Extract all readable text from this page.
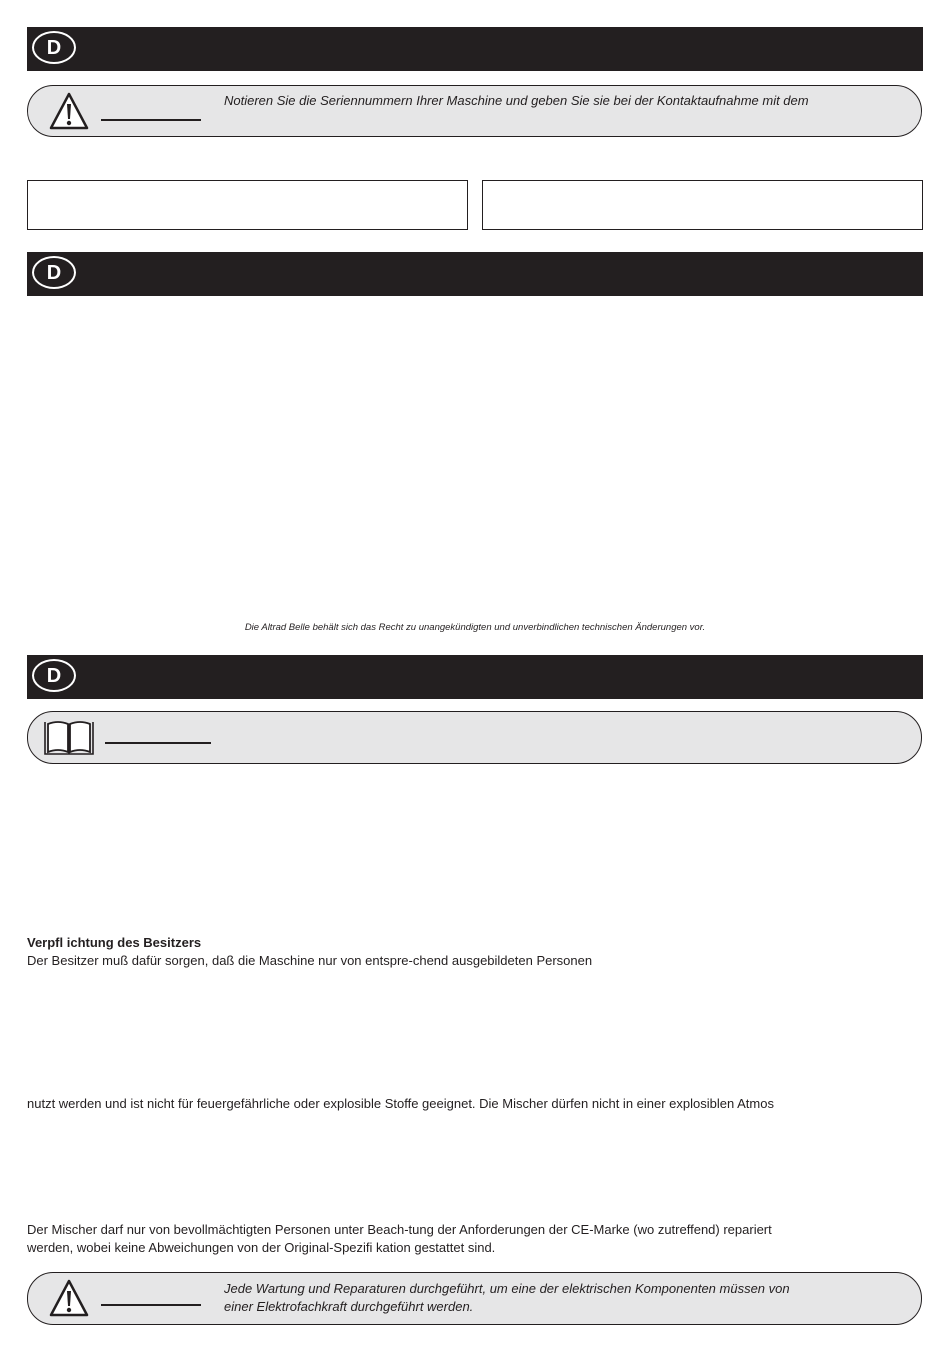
D
Notieren Sie die Seriennummern Ihrer Maschine und geben Sie sie bei der Kontaktaufnahme mit dem
D
Die Altrad Belle behält sich das Recht zu unangekündigten und unverbindlichen technischen Änderungen vor.
D
Verpfl ichtung des Besitzers
Der Besitzer muß dafür sorgen, daß die Maschine nur von entspre-chend ausgebildeten Personen
nutzt werden und ist nicht für feuergefährliche oder explosible Stoffe geeignet. Die Mischer dürfen nicht in einer explosiblen Atmos
Der Mischer darf nur von bevollmächtigten Personen unter Beach-tung der Anforderungen der CE-Marke (wo zutreffend) repariert
werden, wobei keine Abweichungen von der Original-Spezifi kation gestattet sind.
Jede Wartung und Reparaturen durchgeführt, um eine der elektrischen Komponenten müssen von
einer Elektrofachkraft durchgeführt werden.
